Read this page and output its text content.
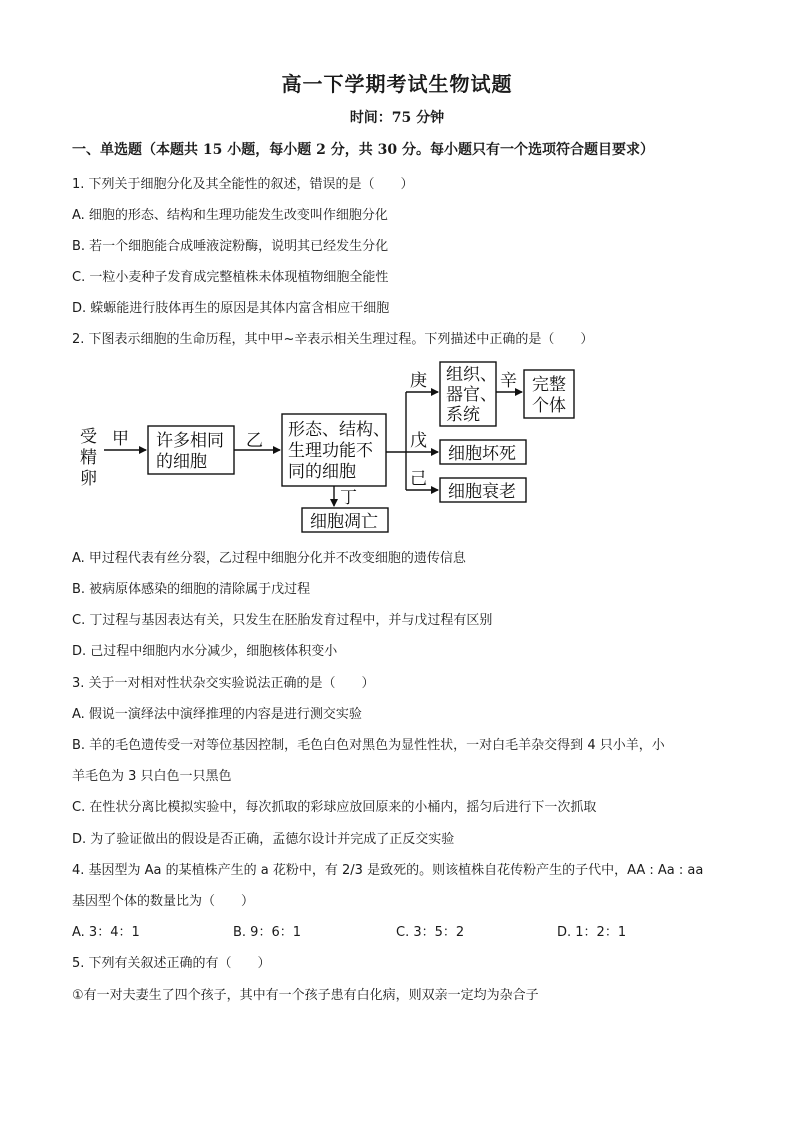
高一下学期考试生物试题
时间：75 分钟
一、单选题（本题共 15 小题，每小题 2 分，共 30 分。每小题只有一个选项符合题目要求）
1. 下列关于细胞分化及其全能性的叙述，错误的是（　　）
A. 细胞的形态、结构和生理功能发生改变叫作细胞分化
B. 若一个细胞能合成唾液淀粉酶，说明其已经发生分化
C. 一粒小麦种子发育成完整植株未体现植物细胞全能性
D. 蝾螈能进行肢体再生的原因是其体内富含相应干细胞
2. 下图表示细胞的生命历程，其中甲~辛表示相关生理过程。下列描述中正确的是（　　）
受
精
卵
甲 许多相同
的细胞
乙
形态、结构、
生理功能不
同的细胞
丁
细胞凋亡
庚
戊
己
组织、
器官、
系统
辛 完整
个体
细胞坏死
细胞衰老
A. 甲过程代表有丝分裂，乙过程中细胞分化并不改变细胞的遗传信息
B. 被病原体感染的细胞的清除属于戊过程
C. 丁过程与基因表达有关，只发生在胚胎发育过程中，并与戊过程有区别
D. 己过程中细胞内水分减少，细胞核体积变小
3. 关于一对相对性状杂交实验说法正确的是（　　）
A. 假说一演绎法中演绎推理的内容是进行测交实验
B. 羊的毛色遗传受一对等位基因控制，毛色白色对黑色为显性性状，一对白毛羊杂交得到 4 只小羊，小
羊毛色为 3 只白色一只黑色
C. 在性状分离比模拟实验中，每次抓取的彩球应放回原来的小桶内，摇匀后进行下一次抓取
D. 为了验证做出的假设是否正确，孟德尔设计并完成了正反交实验
4. 基因型为 Aa 的某植株产生的 a 花粉中，有 2/3 是致死的。则该植株自花传粉产生的子代中，AA : Aa : aa
基因型个体的数量比为（　　）
A. 3：4：1	B. 9：6：1	C. 3：5：2	D. 1：2：1
5. 下列有关叙述正确的有（　　）
①有一对夫妻生了四个孩子，其中有一个孩子患有白化病，则双亲一定均为杂合子
